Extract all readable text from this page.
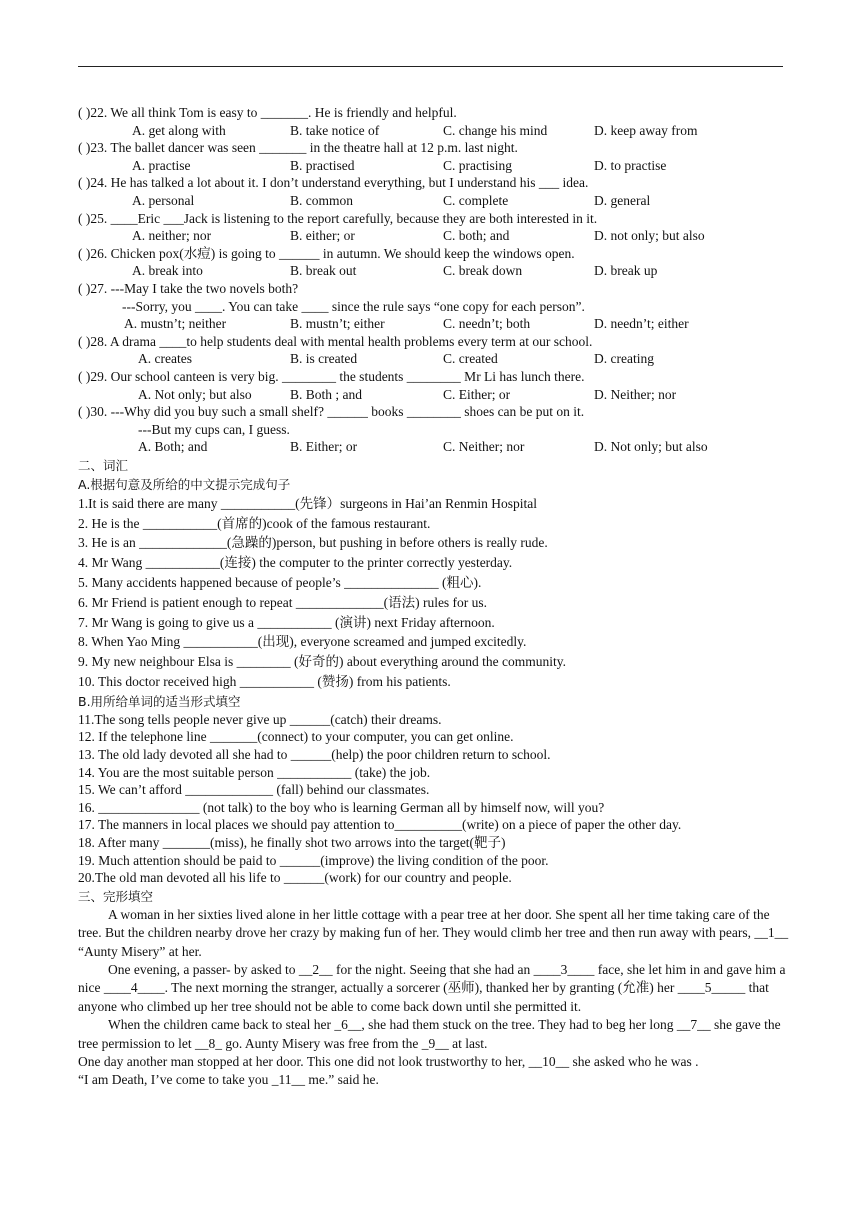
( )22. We all think Tom is easy to _______. He is friendly and helpful.
A. get along with	B. take notice of	C. change his mind	D. keep away from
( )23. The ballet dancer was seen _______ in the theatre hall at 12 p.m. last night.
A. practise	B. practised	C. practising	D. to practise
( )24. He has talked a lot about it. I don’t understand everything, but I understand his ___ idea.
A. personal	B. common	C. complete	D. general
( )25. ____Eric ___Jack is listening to the report carefully, because they are both interested in it.
A. neither; nor	B. either; or	C. both; and	D. not only; but also
( )26. Chicken pox(水痘) is going to ______ in autumn. We should keep the windows open.
A. break into	B. break out	C. break down	D. break up
( )27. ---May I take the two novels both?
---Sorry, you ____. You can take ____ since the rule says “one copy for each person”.
A. mustn’t; neither	B. mustn’t; either	C. needn’t; both	D. needn’t; either
( )28. A drama ____to help students deal with mental health problems every term at our school.
A. creates	B. is created	C. created	D. creating
( )29. Our school canteen is very big. ________ the students ________ Mr Li has lunch there.
A. Not only; but also	B. Both ; and	C. Either; or	D. Neither; nor
( )30. ---Why did you buy such a small shelf? ______ books ________ shoes can be put on it.
---But my cups can, I guess.
A. Both; and	B. Either; or	C. Neither; nor	D. Not only; but also
二、词汇
A.根据句意及所给的中文提示完成句子
1.It is said there are many ___________(先锋）surgeons in Hai’an Renmin Hospital
2. He is the ___________(首席的)cook of the famous restaurant.
3. He is an _____________(急躁的)person, but pushing in before others is really rude.
4. Mr Wang ___________(连接) the computer to the printer correctly yesterday.
5. Many accidents happened because of people’s ______________ (粗心).
6. Mr Friend is patient enough to repeat _____________(语法) rules for us.
7. Mr Wang is going to give us a ___________ (演讲) next Friday afternoon.
8. When Yao Ming ___________(出现), everyone screamed and jumped excitedly.
9. My new neighbour Elsa is ________ (好奇的) about everything around the community.
10. This doctor received high ___________ (赞扬) from his patients.
B.用所给单词的适当形式填空
11.The song tells people never give up ______(catch) their dreams.
12. If the telephone line _______(connect) to your computer, you can get online.
13. The old lady devoted all she had to ______(help) the poor children return to school.
14. You are the most suitable person ___________ (take) the job.
15. We can’t afford _____________ (fall) behind our classmates.
16. _______________ (not talk) to the boy who is learning German all by himself now, will you?
17. The manners in local places we should pay attention to__________(write) on a piece of paper the other day.
18. After many _______(miss), he finally shot two arrows into the target(靶子)
19. Much attention should be paid to ______(improve) the living condition of the poor.
20.The old man devoted all his life to ______(work) for our country and people.
三、完形填空
A woman in her sixties lived alone in her little cottage with a pear tree at her door. She spent all her time taking care of the tree. But the children nearby drove her crazy by making fun of her. They would climb her tree and then run away with pears, __1__ “Aunty Misery” at her.
One evening, a passer- by asked to __2__ for the night. Seeing that she had an ____3____ face, she let him in and gave him a nice ____4____. The next morning the stranger, actually a sorcerer (巫师), thanked her by granting (允准) her ____5_____ that anyone who climbed up her tree should not be able to come back down until she permitted it.
When the children came back to steal her _6__, she had them stuck on the tree. They had to beg her long __7__ she gave the tree permission to let __8_ go. Aunty Misery was free from the _9__ at last.
One day another man stopped at her door. This one did not look trustworthy to her, __10__ she asked who he was .
“I am Death, I’ve come to take you _11__ me.” said he.
